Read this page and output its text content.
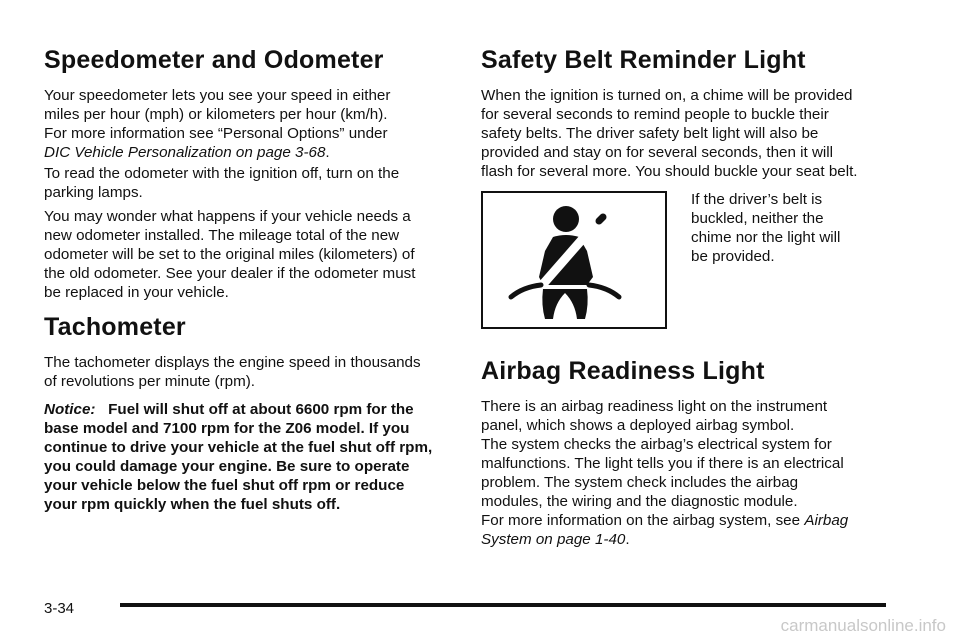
Speedometer and Odometer

Your speedometer lets you see your speed in either
miles per hour (mph) or kilometers per hour (km/h).
For more information see “Personal Options” under
DIC Vehicle Personalization on page 3-68.

To read the odometer with the ignition off, turn on the
parking lamps.

You may wonder what happens if your vehicle needs a
new odometer installed. The mileage total of the new
odometer will be set to the original miles (kilometers) of
the old odometer. See your dealer if the odometer must
be replaced in your vehicle.

Tachometer

The tachometer displays the engine speed in thousands
of revolutions per minute (rpm).

Notice: Fuel will shut off at about 6600 rpm for the
base model and 7100 rpm for the Z06 model. If you
continue to drive your vehicle at the fuel shut off rpm,
you could damage your engine. Be sure to operate
your vehicle below the fuel shut off rpm or reduce
your rpm quickly when the fuel shuts off.

Safety Belt Reminder Light

When the ignition is turned on, a chime will be provided
for several seconds to remind people to buckle their
safety belts. The driver safety belt light will also be
provided and stay on for several seconds, then it will
flash for several more. You should buckle your seat belt.

If the driver’s belt is
buckled, neither the
chime nor the light will
be provided.

Airbag Readiness Light

There is an airbag readiness light on the instrument
panel, which shows a deployed airbag symbol.
The system checks the airbag’s electrical system for
malfunctions. The light tells you if there is an electrical
problem. The system check includes the airbag
modules, the wiring and the diagnostic module.
For more information on the airbag system, see Airbag
System on page 1-40.

3-34
carmanualsonline.info
